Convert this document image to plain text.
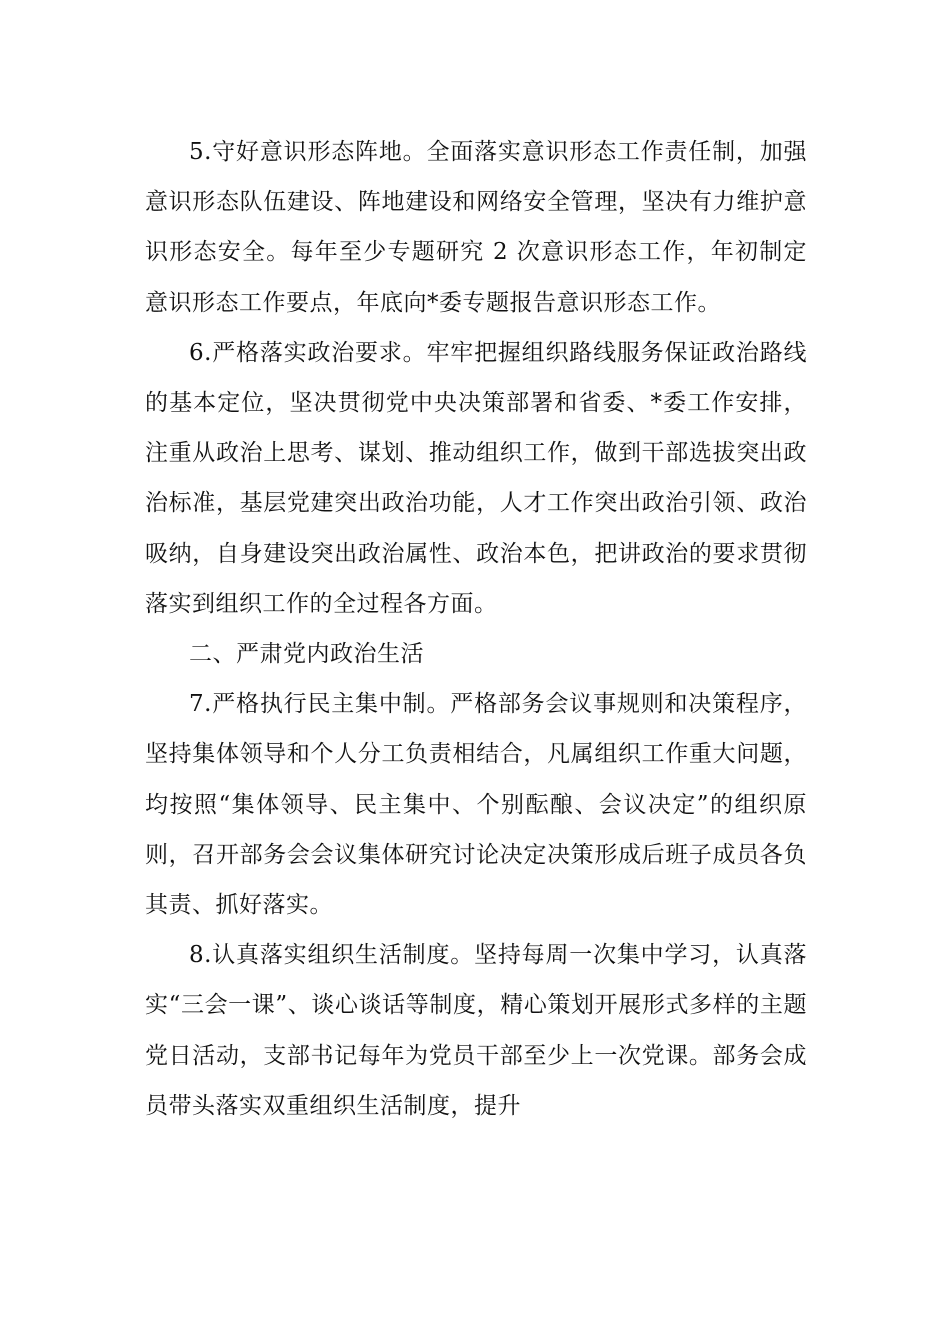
5.守好意识形态阵地。全面落实意识形态工作责任制，加强意识形态队伍建设、阵地建设和网络安全管理，坚决有力维护意识形态安全。每年至少专题研究 2 次意识形态工作，年初制定意识形态工作要点，年底向*委专题报告意识形态工作。

6.严格落实政治要求。牢牢把握组织路线服务保证政治路线的基本定位，坚决贯彻党中央决策部署和省委、*委工作安排，注重从政治上思考、谋划、推动组织工作，做到干部选拔突出政治标准，基层党建突出政治功能，人才工作突出政治引领、政治吸纳，自身建设突出政治属性、政治本色，把讲政治的要求贯彻落实到组织工作的全过程各方面。

二、严肃党内政治生活

7.严格执行民主集中制。严格部务会议事规则和决策程序，坚持集体领导和个人分工负责相结合，凡属组织工作重大问题，均按照“集体领导、民主集中、个别酝酿、会议决定”的组织原则，召开部务会会议集体研究讨论决定决策形成后班子成员各负其责、抓好落实。

8.认真落实组织生活制度。坚持每周一次集中学习，认真落实“三会一课”、谈心谈话等制度，精心策划开展形式多样的主题党日活动，支部书记每年为党员干部至少上一次党课。部务会成员带头落实双重组织生活制度，提升
